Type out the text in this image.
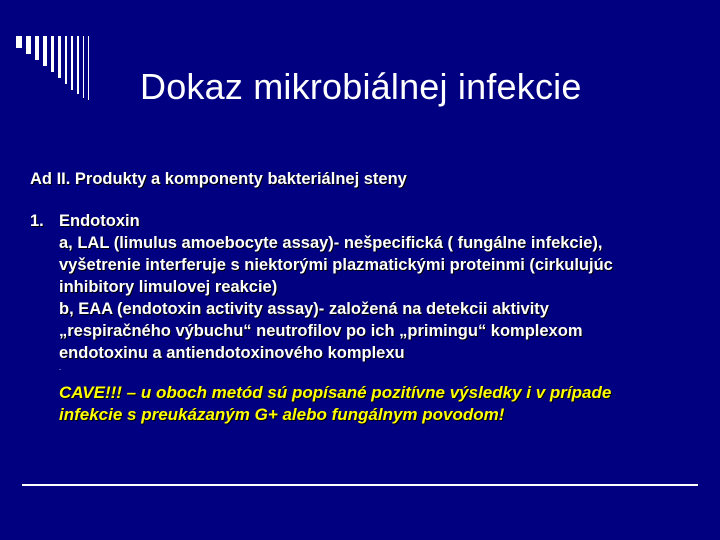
Dokaz mikrobiálnej infekcie
Ad II. Produkty a komponenty bakteriálnej steny
1. Endotoxin
a, LAL (limulus amoebocyte assay)- nešpecifická ( fungálne infekcie),
vyšetrenie interferuje s niektorými plazmatickými proteinmi (cirkulujúc
inhibitory limulovej reakcie)
b, EAA (endotoxin activity assay)- založená na detekcii aktivity
„respiračného výbuchu“ neutrofilov po ich „primingu“ komplexom
endotoxinu a antiendotoxinového komplexu
.
CAVE!!! – u oboch metód sú popísané pozitívne výsledky i v prípade
infekcie s preukázaným G+ alebo fungálnym povodom!
